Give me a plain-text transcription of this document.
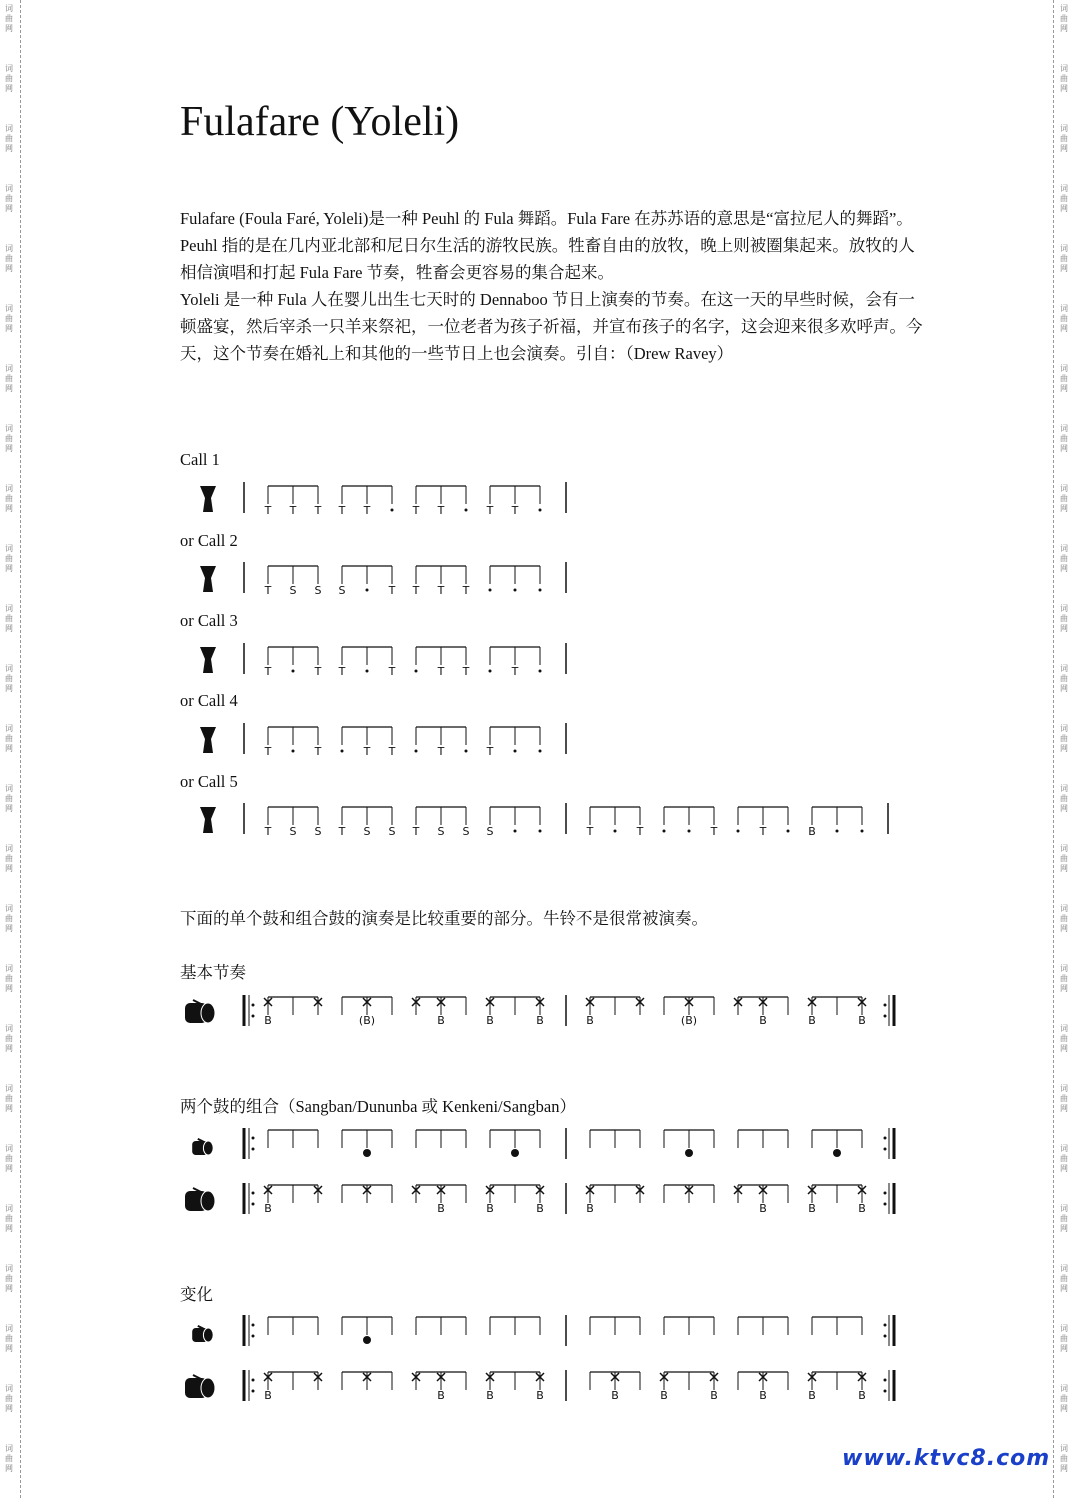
词
曲
网
词
曲
网
词
曲
网
词
曲
网
词
曲
网
词
曲
网
词
曲
网
词
曲
网
词
曲
网
词
曲
网
词
曲
网
词
曲
网
词
曲
网
词
曲
网
词
曲
网
词
曲
网
词
曲
网
词
曲
网
词
曲
网
词
曲
网
词
曲
网
词
曲
网
词
曲
网
词
曲
网
词
曲
网
词
曲
网
词
曲
网
词
曲
网
词
曲
网
词
曲
网
词
曲
网
词
曲
网
词
曲
网
词
曲
网
词
曲
网
词
曲
网
词
曲
网
词
曲
网
词
曲
网
词
曲
网
词
曲
网
词
曲
网
词
曲
网
词
曲
网
词
曲
网
词
曲
网
词
曲
网
词
曲
网
词
曲
网
词
曲
网
Fulafare (Yoleli)

Fulafare (Foula Faré, Yoleli)是一种 Peuhl 的 Fula 舞蹈。Fula Fare 在苏苏语的意思是“富拉尼人的舞蹈”。

Peuhl 指的是在几内亚北部和尼日尔生活的游牧民族。牲畜自由的放牧，晚上则被圈集起来。放牧的人相信演唱和打起 Fula Fare 节奏，牲畜会更容易的集合起来。

Yoleli 是一种 Fula 人在婴儿出生七天时的 Dennaboo 节日上演奏的节奏。在这一天的早些时候，会有一顿盛宴，然后宰杀一只羊来祭祀，一位老者为孩子祈福，并宣布孩子的名字，这会迎来很多欢呼声。今天，这个节奏在婚礼上和其他的一些节日上也会演奏。引自：（Drew Ravey）

Call 1
or Call 2
or Call 3
or Call 4
or Call 5
下面的单个鼓和组合鼓的演奏是比较重要的部分。牛铃不是很常被演奏。
基本节奏
两个鼓的组合（Sangban/Dununba 或 Kenkeni/Sangban）
变化
T T T T T	T T	T T
T S S S	T T T T
T	T T	T	T T	T
T	T	T T	T	T
T S S T S S T S S S	T	T	T	T	B
B	(B)	B	B	B	B	(B)	B	B	B
B	B	B	B	B	B	B	B
B	B	B	B	B	B	B	B	B	B
www.ktvc8.com
